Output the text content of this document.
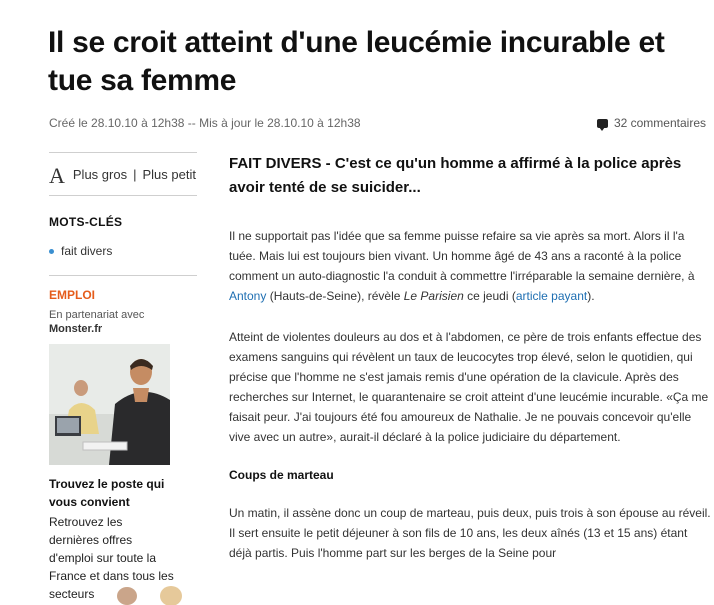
Il se croit atteint d'une leucémie incurable et tue sa femme
Créé le 28.10.10 à 12h38 -- Mis à jour le 28.10.10 à 12h38	32 commentaires
A Plus gros | Plus petit
MOTS-CLÉS
fait divers
EMPLOI
En partenariat avec
Monster.fr
Trouvez le poste qui vous convient
Retrouvez les dernières offres d'emploi sur toute la France et dans tous les secteurs

FAIT DIVERS - C'est ce qu'un homme a affirmé à la police après avoir tenté de se suicider...

Il ne supportait pas l'idée que sa femme puisse refaire sa vie après sa mort. Alors il l'a tuée. Mais lui est toujours bien vivant. Un homme âgé de 43 ans a raconté à la police comment un auto-diagnostic l'a conduit à commettre l'irréparable la semaine dernière, à Antony (Hauts-de-Seine), révèle Le Parisien ce jeudi (article payant).

Atteint de violentes douleurs au dos et à l'abdomen, ce père de trois enfants effectue des examens sanguins qui révèlent un taux de leucocytes trop élevé, selon le quotidien, qui précise que l'homme ne s'est jamais remis d'une opération de la clavicule. Après des recherches sur Internet, le quarantenaire se croit atteint d'une leucémie incurable. «Ça me faisait peur. J'ai toujours été fou amoureux de Nathalie. Je ne pouvais concevoir qu'elle vive avec un autre», aurait-il déclaré à la police judiciaire du département.

Coups de marteau

Un matin, il assène donc un coup de marteau, puis deux, puis trois à son épouse au réveil. Il sert ensuite le petit déjeuner à son fils de 10 ans, les deux aînés (13 et 15 ans) étant déjà partis. Puis l'homme part sur les berges de la Seine pour
